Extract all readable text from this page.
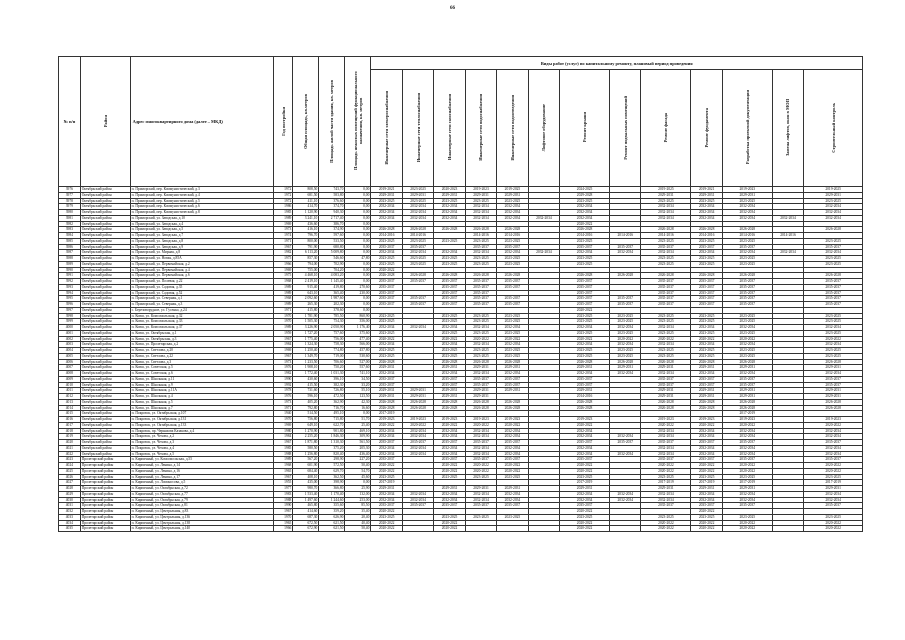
66
№ п/п	Район	Адрес многоквартирного дома (далее – МКД)	Год постройки	Общая площадь, кв.метров	Площадь жилой части здания, кв. метров	Площадь нежилых помещений функционального назначения, кв. метров	Виды работ (услуг) по капитальному ремонту, плановый период проведения												
							Инженерные сети электроснабжения	Инженерные сети теплоснабжения	Инженерные сети газоснабжения	Инженерные сети водоснабжения	Инженерные сети водоотведения	Лифтовое оборудование	Ремонт крыши	Ремонт подвальных помещений	Ремонт фасада	Ремонт фундамента	Разработка проектной документации	Замена лифтов, окон в МОП	Строительный контроль
3976	Октябрьский район	п. Приморский, пер. Коммунистический, д.3	1972	808,50	743,70	0,00	2019-2021	2023-2025	2020-2023	2019-2023	2019-2025		2024-2025		2019-2025	2019-2021	2019-2023		2019-2025
3977	Октябрьский район	п. Приморский, пер. Коммунистический, д.4	1972	681,50	583,80	0,00	2029-2031	2029-2031	2029-2031	2029-2031	2029-2031		2029-2028		2029-2031	2029-2031	2029-2031		2029-2031
3978	Октябрьский район	п. Приморский, пер. Коммунистический, д.5	1972	411,10	376,60	0,00	2023-2025	2023-2025	2023-2025	2023-2025	2023-2025		2023-2025		2023-2025	2023-2025	2023-2025		2023-2025
3979	Октябрьский район	п. Приморский, пер. Коммунистический, д.6	1986	414,70	374,70	0,00	2032-2034	2032-2034	2032-2034	2032-2034	2032-2034		2032-2034		2032-2034	2032-2034	2032-2034		2032-2034
3980	Октябрьский район	п. Приморский, пер. Коммунистический, д.8	1985	1 120,90	940,30	0,00	2032-2034	2032-2034	2032-2034	2032-2034	2032-2034		2032-2034		2032-2034	2032-2034	2032-2034		2032-2034
3981	Октябрьский район	п. Приморский, ул. Заводская, д.10	1989	3 241,10	2 717,40	0,00	2032-2034	2032-2034	2032-2034	2032-2034	2032-2034	2032-2034	2032-2034		2032-2034	2032-2034	2032-2034	2032-2034	2032-2034
3982	Октябрьский район	п. Приморский, ул. Заводская, д.4	1969	436,60	386,70	0,00							2020-2022						
3983	Октябрьский район	п. Приморский, ул. Заводская, д.5	1973	416,10	374,90	0,00	2026-2028	2026-2028	2026-2028	2026-2028	2026-2028		2026-2028		2026-2028	2026-2028	2026-2028		2026-2028
3984	Октябрьский район	п. Приморский, ул. Заводская, д.7	1974	796,70	597,60	0,00	2014-2016	2014-2016		2014-2016	2014-2016		2014-2016	2014-2016	2014-2016	2014-2016	2014-2016	2014-2016	
3985	Октябрьский район	п. Приморский, ул. Заводская, д.8	1971	800,00	533,50	0,00	2023-2025	2023-2025	2023-2025	2023-2025	2023-2025		2023-2025		2023-2025	2023-2025	2023-2025		2023-2025
3986	Октябрьский район	п. Приморский, ул. Заводская, д.9	1967	791,90	680,80	0,00	2035-2037	2035-2037		2035-2037	2035-2037		2035-2037	2035-2037	2035-2037	2035-2037	2035-2037		2035-2037
3987	Октябрьский район	п. Приморский, ул. Мирная, д.8	1982	6 113,20	5 009,80	0,00	2032-2034	2032-2034	2032-2034	2032-2034	2032-2034	2032-2034	2032-2034	2032-2034	2032-2034	2032-2034	2032-2034	2032-2034	2032-2034
3988	Октябрьский район	п. Приморский, ул. Новая, д.85А	1975	857,30	546,60	47,80	2023-2025	2023-2025	2023-2025	2023-2025	2023-2025		2023-2025		2023-2025	2023-2025	2023-2025		2023-2025
3989	Октябрьский район	п. Приморский, ул. Первомайская, д.2	1966	794,00	702,90	0,00	2023-2025	2023-2025	2023-2025	2023-2025	2023-2025		2023-2025		2023-2025	2023-2025	2023-2025		2023-2025
3990	Октябрьский район	п. Приморский, ул. Первомайская, д.4	1969	755,00	704,20	0,00	2020-2022												
3991	Октябрьский район	п. Приморский, ул. Первомайская, д.6	1975	4 468,10	4 083,20	0,00	2026-2028	2026-2028	2026-2028	2026-2028	2026-2028		2026-2028	2026-2028	2026-2028	2026-2028	2026-2028		2026-2028
3992	Октябрьский район	п. Приморский, ул. Полевая, д.22	1968	2 419,10	1 145,40	0,00	2035-2037	2035-2037	2035-2037	2035-2037	2035-2037		2035-2037		2035-2037	2035-2037	2035-2037		2035-2037
3993	Октябрьский район	п. Приморский, ул. Садовая, д.35	1989	915,40	419,80	270,60	2035-2037		2035-2037	2035-2037	2035-2037		2035-2037		2035-2037	2035-2037	2035-2037		2035-2037
3994	Октябрьский район	п. Приморский, ул. Садовая, д.52	1989	643,10	365,40	230,00	2035-2037		2035-2037	2035-2037			2035-2037		2035-2037	2035-2037	2035-2037		2035-2037
3995	Октябрьский район	п. Приморский, ул. Северная, д.1	1968	2 092,60	1 987,60	0,00	2035-2037	2035-2037	2035-2037	2035-2037	2035-2037		2035-2037	2035-2037	2035-2037	2035-2037	2035-2037		2035-2037
3996	Октябрьский район	п. Приморский, ул. Северная, д.3	1989	265,30	202,30	0,00	2035-2037	2035-2037	2035-2037	2035-2037	2035-2037		2035-2037	2035-2037	2035-2037	2035-2037	2035-2037		2035-2037
3997	Октябрьский район	с. Березоворудное, ул. Гусенко, д.24	1971	415,80	378,60	0,00							2020-2022						
3998	Октябрьский район	п. Ковш, ул. Комсомольская, д.32	1970	1 781,90	785,50	860,90	2023-2025		2023-2025	2023-2025	2023-2025		2023-2025	2023-2025	2023-2025	2023-2025	2023-2025		2023-2025
3999	Октябрьский район	п. Ковш, ул. Комсомольская, д.33	1970	1 505,30	754,30	356,00	2023-2025		2023-2025	2023-2025	2023-2025		2023-2025	2023-2025	2023-2025	2023-2025	2023-2025		2023-2025
4000	Октябрьский район	п. Ковш, ул. Комсомольская, д.37	1989	3 226,90	2 050,90	1 176,40	2032-2034	2032-2034	2032-2034	2032-2034	2032-2034		2032-2034	2032-2034	2032-2034	2032-2034	2032-2034		2032-2034
4001	Октябрьский район	п. Ковш, ул. Октябрьская, д.1	1959	1 727,20	757,60	375,60	2023-2025		2023-2025	2023-2025	2023-2025		2023-2025	2023-2025	2023-2025	2023-2025	2023-2025		2023-2025
4002	Октябрьский район	п. Ковш, ул. Октябрьская, д.3	1967	1 775,40	756,00	477,40	2020-2022		2020-2022	2020-2022	2020-2022		2020-2022	2020-2022	2020-2022	2020-2022	2020-2022		2020-2022
4003	Октябрьский район	п. Ковш, ул. Пролетарская, д.2	1984	1 324,30	758,30	566,00	2032-2034		2032-2034	2032-2034	2032-2034		2032-2034	2032-2034	2032-2034	2032-2034	2032-2034		2032-2034
4004	Октябрьский район	п. Ковш, ул. Светлова, д.20	1969	1 250,40	774,80	457,80	2023-2025		2023-2025	2023-2025	2023-2025		2023-2025	2023-2025	2023-2025	2023-2025	2023-2025		2023-2025
4005	Октябрьский район	п. Ковш, ул. Светлова, д.22	1967	1 349,70	719,00	530,60	2023-2025		2023-2025	2023-2025	2023-2025		2023-2025	2023-2025	2023-2025	2023-2025	2023-2025		2023-2025
4006	Октябрьский район	п. Ковш, ул. Светлова, д.3	1973	1 233,50	706,60	527,00	2026-2028		2026-2028	2026-2028	2026-2028		2026-2028	2026-2028	2026-2028	2026-2028	2026-2028		2026-2028
4007	Октябрьский район	п. Ковш, ул. Советская, д.5	1976	1 908,10	750,20	557,60	2029-2031		2029-2031	2029-2031	2029-2031		2029-2031	2029-2031	2029-2031	2029-2031	2029-2031		2029-2031
4008	Октябрьский район	п. Ковш, ул. Советская, д.6	1982	1 772,40	1 031,30	741,10	2032-2034		2032-2034	2032-2034	2032-2034		2032-2034	2032-2034	2032-2034	2032-2034	2032-2034		2032-2034
4009	Октябрьский район	п. Ковш, ул. Школьная, д.11	1990	430,60	396,10	34,50	2035-2037		2035-2037	2035-2037	2035-2037		2035-2037		2035-2037	2035-2037	2035-2037		2035-2037
4010	Октябрьский район	п. Ковш, ул. Школьная, д.9	1992	415,50	382,30	33,20	2035-2037		2035-2037	2035-2037	2035-2037		2035-2037		2035-2037	2035-2037	2035-2037		2035-2037
4011	Октябрьский район	п. Ковш, ул. Школьная, д.11А	1978	731,60	726,80	55,10	2029-2031	2029-2031	2029-2031	2029-2031	2029-2031		2029-2031		2029-2031	2029-2031	2029-2031		2029-2031
4012	Октябрьский район	п. Ковш, ул. Школьная, д.4	1976	596,10	472,50	123,50	2029-2031	2029-2031	2029-2031	2029-2031			2014-2016		2029-2031	2029-2031	2029-2031		2029-2031
4013	Октябрьский район	п. Ковш, ул. Школьная, д.5	1973	405,20	362,90	42,30	2026-2028	2026-2028	2026-2028	2026-2028	2026-2028		2026-2028		2026-2028	2026-2028	2026-2028		2026-2028
4014	Октябрьский район	п. Ковш, ул. Школьная, д.7	1971	792,80	716,70	16,60	2026-2028	2026-2028	2026-2028	2026-2028	2026-2028		2026-2028		2026-2028	2026-2028	2026-2028		2026-2028
4015	Октябрьский район	п. Покровск, ул. Октябрьская, д.107	1940	514,50	495,10	0,00	2017-2019										2017-2019		
4016	Октябрьский район	п. Покровск, ул. Октябрьская, д.131	1970	756,80	715,80	51,70	2019-2023	2019-2023	2019-2023	2019-2023	2019-2023		2019-2023		2019-2023	2019-2023	2019-2023		2019-2023
4017	Октябрьский район	п. Покровск, ул. Октябрьская, д.133	1969	649,10	622,70	25,40	2020-2022	2020-2022	2020-2022	2020-2022	2020-2022		2020-2022		2020-2022	2020-2022	2020-2022		2020-2022
4018	Октябрьский район	п. Покровск, пр. Черняхова Казакова, д.4	1980	1 270,90	901,80	469,10	2032-2034	2032-2034	2032-2034	2032-2034	2032-2034		2032-2034		2032-2034	2032-2034	2032-2034		2032-2034
4019	Октябрьский район	п. Покровск, ул. Чехова, д.2	1984	2 255,20	1 846,30	309,90	2032-2034	2032-2034	2032-2034	2032-2034	2032-2034		2032-2034	2032-2034	2032-2034	2032-2034	2032-2034		2032-2034
4020	Октябрьский район	п. Покровск, ул. Чехова, д.3	1967	1 871,80	1 310,30	561,50	2035-2037	2035-2037	2035-2037	2035-2037	2035-2037		2035-2037	2035-2037	2035-2037	2035-2037	2035-2037		2035-2037
4021	Октябрьский район	п. Покровск, ул. Чехова, д.4	1985	580,50	375,20	205,30	2032-2034	2032-2034	2032-2034	2032-2034	2032-2034		2032-2034		2032-2034	2032-2034	2032-2034		2032-2034
4022	Октябрьский район	п. Покровск, ул. Чехова, д.5	1988	1 256,80	820,40	436,40	2032-2034	2032-2034	2032-2034	2032-2034	2032-2034		2032-2034	2032-2034	2032-2034	2032-2034	2032-2034		2032-2034
4023	Пролетарский район	п. Кирпичный, ул. Комсомольская, д.55	1989	567,20	298,90	227,20	2035-2037		2035-2037	2035-2037	2035-2037		2035-2037		2035-2037	2035-2037	2035-2037		2035-2037
4024	Пролетарский район	п. Кирпичный, ул. Ленина, д.14	1968	601,90	572,50	50,40	2020-2022		2020-2022	2020-2022	2020-2022		2020-2022		2020-2022	2020-2022	2020-2022		2020-2022
4025	Пролетарский район	п. Кирпичный, ул. Ленина, д.16	1965	684,40	629,70	54,70	2020-2022		2020-2022	2020-2022	2020-2022		2020-2022		2020-2022	2020-2022	2020-2022		2020-2022
4026	Пролетарский район	п. Кирпичный, ул. Ленина, д.17	1967	408,10	362,50	45,60	2023-2025		2023-2025	2023-2025	2023-2025		2023-2025		2023-2025	2023-2025	2023-2025		2023-2025
4027	Пролетарский район	п. Кирпичный, ул. Ломоносова, д.5	1955	435,00	398,90	0,00	2017-2019						2017-2019		2017-2019	2017-2019	2017-2019		2017-2019
4028	Пролетарский район	п. Кирпичный, ул. Октябрьская, д.72	1977	980,70	366,80	25,90	2029-2031		2029-2031	2029-2031	2029-2031		2029-2031		2029-2031	2029-2031	2029-2031		2029-2031
4029	Пролетарский район	п. Кирпичный, ул. Октябрьская, д.77	1983	1 533,40	1 170,40	132,00	2032-2034	2032-2034	2032-2034	2032-2034	2032-2034		2032-2034	2032-2034	2032-2034	2032-2034	2032-2034		2032-2034
4030	Пролетарский район	п. Кирпичный, ул. Октябрьская, д.79	1988	1 497,60	1 244,60	253,00	2032-2034	2032-2034	2032-2034	2032-2034	2032-2034		2032-2034	2032-2034	2032-2034	2032-2034	2032-2034		2032-2034
4031	Пролетарский район	п. Кирпичный, ул. Октябрьская, д.81	1990	465,80	355,60	85,50	2035-2037	2035-2037	2035-2037	2035-2037	2035-2037		2035-2037		2035-2037	2035-2037	2035-2037		2035-2037
4032	Пролетарский район	п. Кирпичный, ул. Центральная, д.83	1967	414,60	359,20	35,40	2020-2022						2020-2022			2020-2022			
4033	Пролетарский район	п. Кирпичный, ул. Центральная, д.136	1970	687,30	626,90	20,40	2023-2025		2023-2025	2023-2025	2023-2025		2023-2025		2023-2025	2023-2025	2023-2025		2023-2025
4034	Пролетарский район	п. Кирпичный, ул. Центральная, д.138	1965	672,50	621,50	40,40	2020-2022		2020-2022				2020-2022		2020-2022	2020-2022	2020-2022		2020-2022
4035	Пролетарский район	п. Кирпичный, ул. Центральная, д.140	1966	672,90	621,50	50,40	2020-2022		2020-2022				2020-2022		2020-2022	2020-2022	2020-2022		2020-2022
